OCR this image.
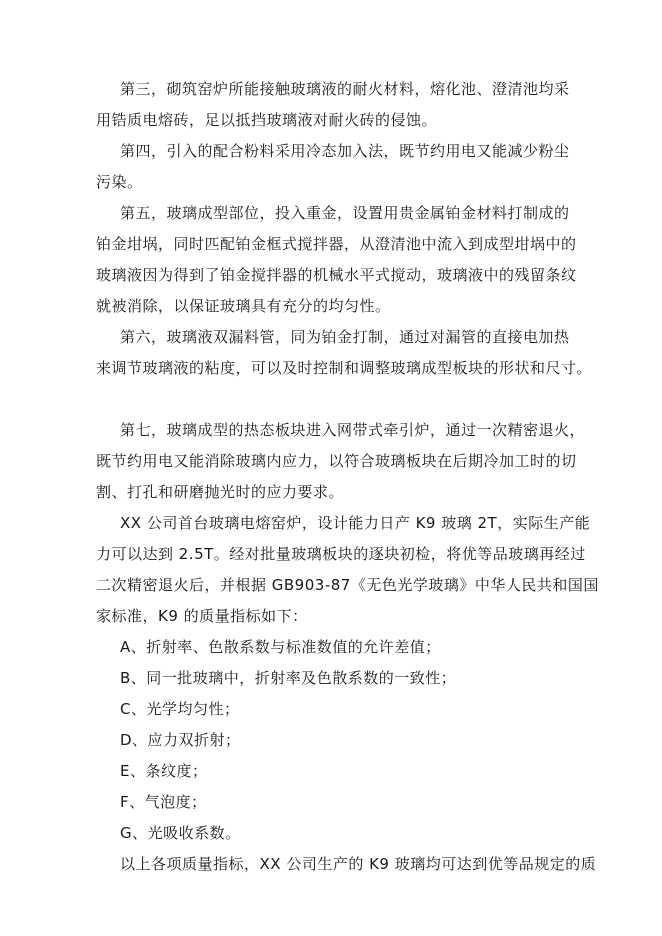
第三，砌筑窑炉所能接触玻璃液的耐火材料，熔化池、澄清池均采
用锆质电熔砖，足以抵挡玻璃液对耐火砖的侵蚀。
第四，引入的配合粉料采用冷态加入法，既节约用电又能减少粉尘
污染。
第五，玻璃成型部位，投入重金，设置用贵金属铂金材料打制成的
铂金坩埚，同时匹配铂金框式搅拌器，从澄清池中流入到成型坩埚中的
玻璃液因为得到了铂金搅拌器的机械水平式搅动，玻璃液中的残留条纹
就被消除，以保证玻璃具有充分的均匀性。
第六，玻璃液双漏料管，同为铂金打制，通过对漏管的直接电加热
来调节玻璃液的粘度，可以及时控制和调整玻璃成型板块的形状和尺寸。
第七，玻璃成型的热态板块进入网带式牵引炉，通过一次精密退火，
既节约用电又能消除玻璃内应力，以符合玻璃板块在后期冷加工时的切
割、打孔和研磨抛光时的应力要求。
XX 公司首台玻璃电熔窑炉，设计能力日产 K9 玻璃 2T，实际生产能
力可以达到 2.5T。经对批量玻璃板块的逐块初检，将优等品玻璃再经过
二次精密退火后，并根据 GB903-87《无色光学玻璃》中华人民共和国国
家标准，K9 的质量指标如下：
A、折射率、色散系数与标准数值的允许差值；
B、同一批玻璃中，折射率及色散系数的一致性；
C、光学均匀性；
D、应力双折射；
E、条纹度；
F、气泡度；
G、光吸收系数。
以上各项质量指标，XX 公司生产的 K9 玻璃均可达到优等品规定的质
